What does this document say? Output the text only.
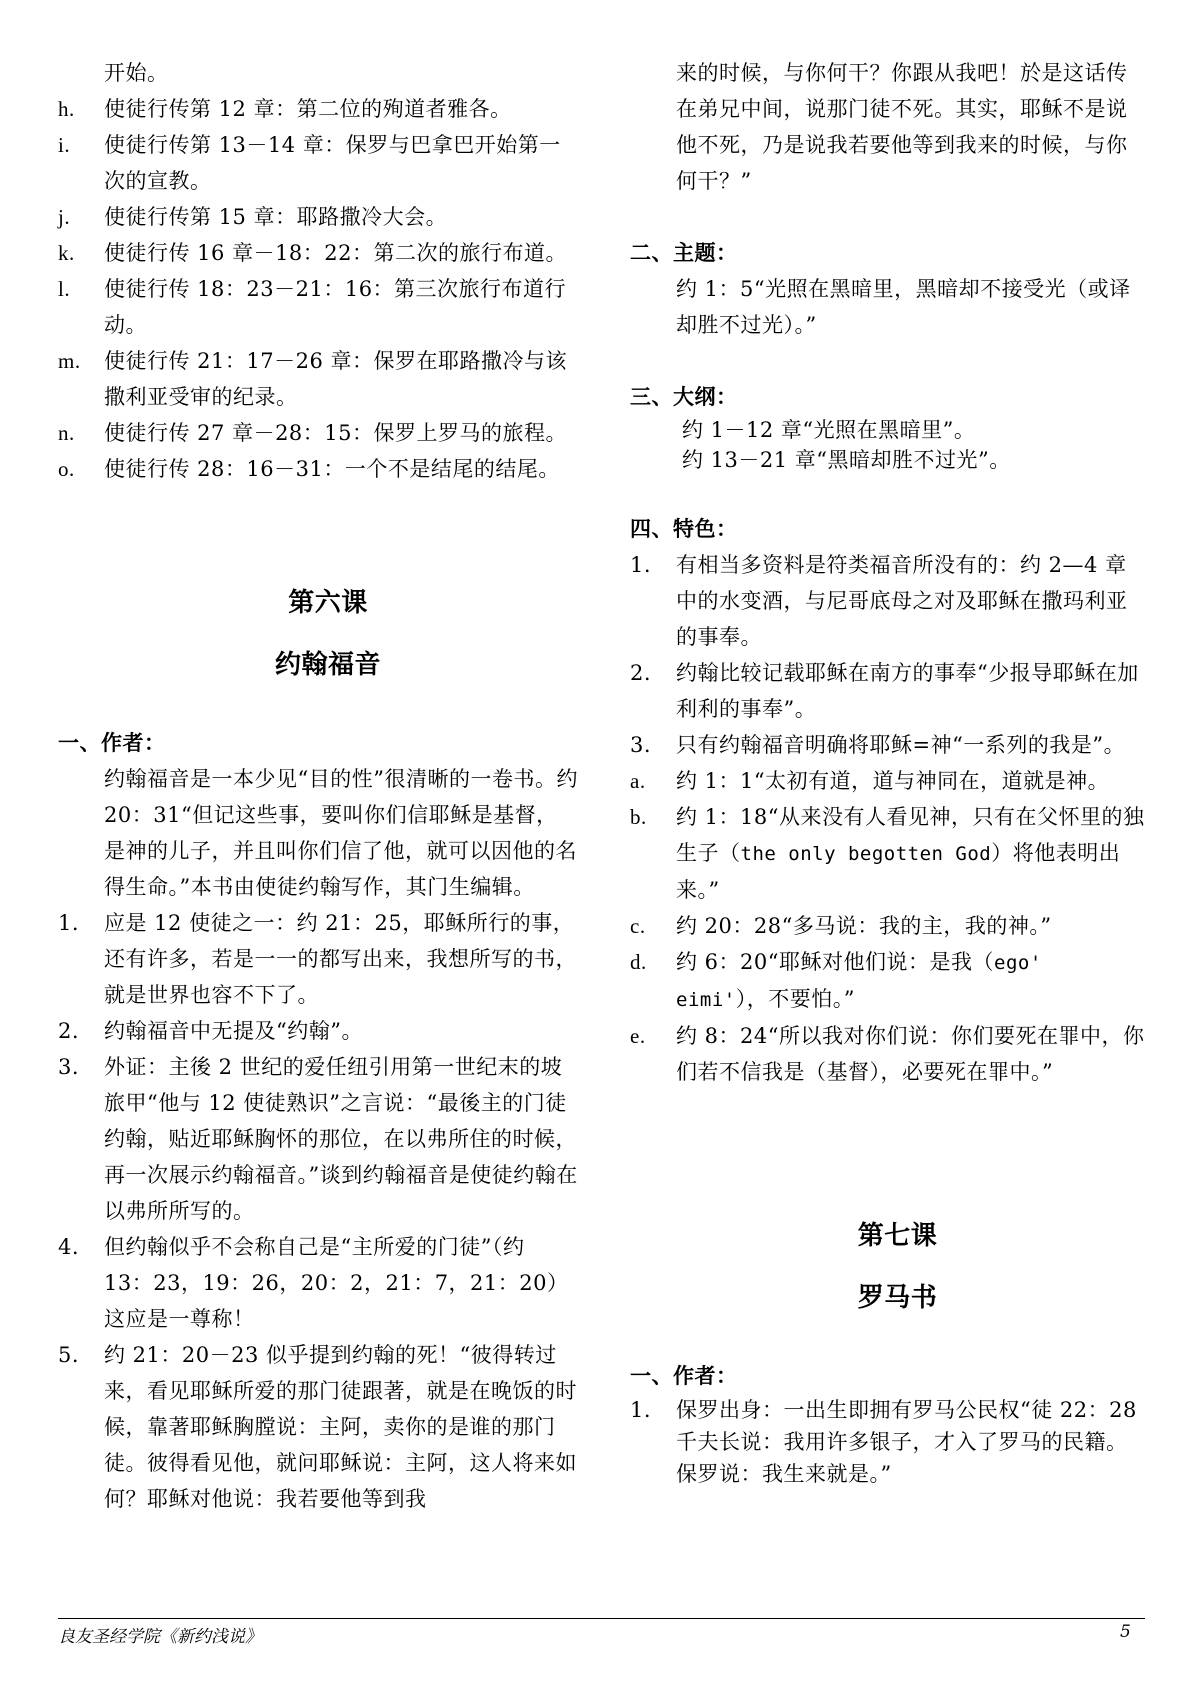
开始。
h. 使徒行传第 12 章：第二位的殉道者雅各。
i. 使徒行传第 13－14 章：保罗与巴拿巴开始第一次的宣教。
j. 使徒行传第 15 章：耶路撒冷大会。
k. 使徒行传 16 章－18：22：第二次的旅行布道。
l. 使徒行传 18：23－21：16：第三次旅行布道行动。
m. 使徒行传 21：17－26 章：保罗在耶路撒冷与该撒利亚受审的纪录。
n. 使徒行传 27 章－28：15：保罗上罗马的旅程。
o. 使徒行传 28：16－31：一个不是结尾的结尾。
第六课
约翰福音
一、作者：
约翰福音是一本少见“目的性”很清晰的一卷书。约 20：31“但记这些事，要叫你们信耶稣是基督，是神的儿子，并且叫你们信了他，就可以因他的名得生命。”本书由使徒约翰写作，其门生编辑。
1. 应是 12 使徒之一：约 21：25，耶稣所行的事，还有许多，若是一一的都写出来，我想所写的书，就是世界也容不下了。
2. 约翰福音中无提及“约翰”。
3. 外证：主後 2 世纪的爱任纽引用第一世纪末的坡旅甲“他与 12 使徒熟识”之言说：“最後主的门徒约翰，贴近耶稣胸怀的那位，在以弗所住的时候，再一次展示约翰福音。”谈到约翰福音是使徒约翰在以弗所所写的。
4. 但约翰似乎不会称自己是“主所爱的门徒”（约 13：23，19：26，20：2，21：7，21：20）这应是一尊称！
5. 约 21：20－23 似乎提到约翰的死！“彼得转过来，看见耶稣所爱的那门徒跟著，就是在晚饭的时候，靠著耶稣胸膛说：主阿，卖你的是谁的那门徒。彼得看见他，就问耶稣说：主阿，这人将来如何？耶稣对他说：我若要他等到我
来的时候，与你何干？你跟从我吧！於是这话传在弟兄中间，说那门徒不死。其实，耶稣不是说他不死，乃是说我若要他等到我来的时候，与你何干？”
二、主题：
约 1：5“光照在黑暗里，黑暗却不接受光（或译却胜不过光）。”
三、大纲：
约 1－12 章“光照在黑暗里”。
约 13－21 章“黑暗却胜不过光”。
四、特色：
1. 有相当多资料是符类福音所没有的：约 2—4 章中的水变酒，与尼哥底母之对及耶稣在撒玛利亚的事奉。
2. 约翰比较记载耶稣在南方的事奉“少报导耶稣在加利利的事奉”。
3. 只有约翰福音明确将耶稣=神“一系列的我是”。
a. 约 1：1“太初有道，道与神同在，道就是神。
b. 约 1：18“从来没有人看见神，只有在父怀里的独生子（the only begotten God）将他表明出来。”
c. 约 20：28“多马说：我的主，我的神。”
d. 约 6：20“耶稣对他们说：是我（ego' eimi'），不要怕。”
e. 约 8：24“所以我对你们说：你们要死在罪中，你们若不信我是（基督），必要死在罪中。”
第七课
罗马书
一、作者：
1. 保罗出身：一出生即拥有罗马公民权“徒 22：28 千夫长说：我用许多银子，才入了罗马的民籍。保罗说：我生来就是。”
良友圣经学院《新约浅说》	5
